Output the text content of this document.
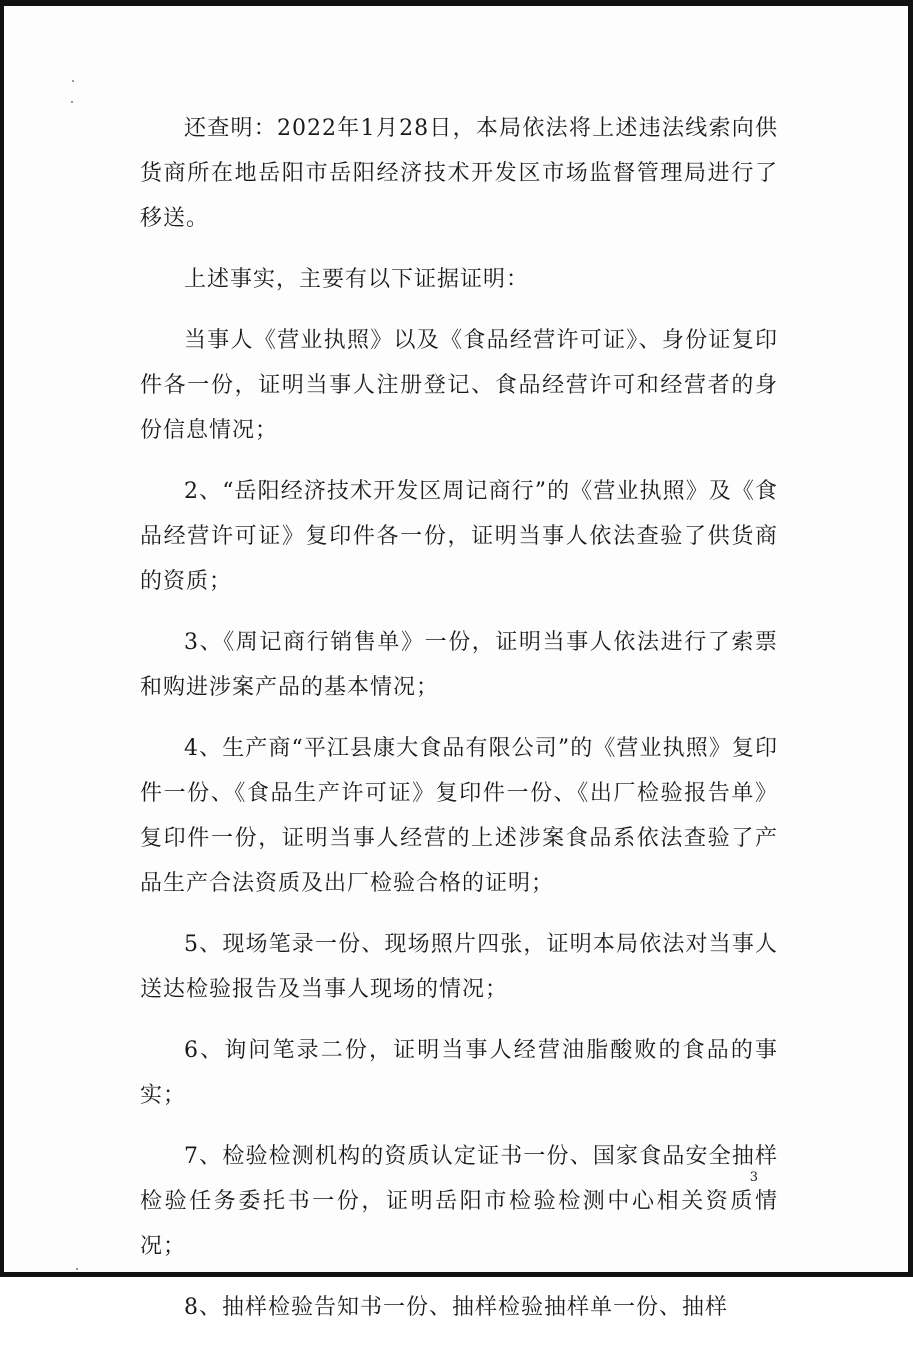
还查明：2022年1月28日，本局依法将上述违法线索向供货商所在地岳阳市岳阳经济技术开发区市场监督管理局进行了移送。

上述事实，主要有以下证据证明：

当事人《营业执照》以及《食品经营许可证》、身份证复印件各一份，证明当事人注册登记、食品经营许可和经营者的身份信息情况；

2、“岳阳经济技术开发区周记商行”的《营业执照》及《食品经营许可证》复印件各一份，证明当事人依法查验了供货商的资质；

3、《周记商行销售单》一份，证明当事人依法进行了索票和购进涉案产品的基本情况；

4、生产商“平江县康大食品有限公司”的《营业执照》复印件一份、《食品生产许可证》复印件一份、《出厂检验报告单》复印件一份，证明当事人经营的上述涉案食品系依法查验了产品生产合法资质及出厂检验合格的证明；

5、现场笔录一份、现场照片四张，证明本局依法对当事人送达检验报告及当事人现场的情况；

6、询问笔录二份，证明当事人经营油脂酸败的食品的事实；

7、检验检测机构的资质认定证书一份、国家食品安全抽样检验任务委托书一份，证明岳阳市检验检测中心相关资质情况；

8、抽样检验告知书一份、抽样检验抽样单一份、抽样

3
